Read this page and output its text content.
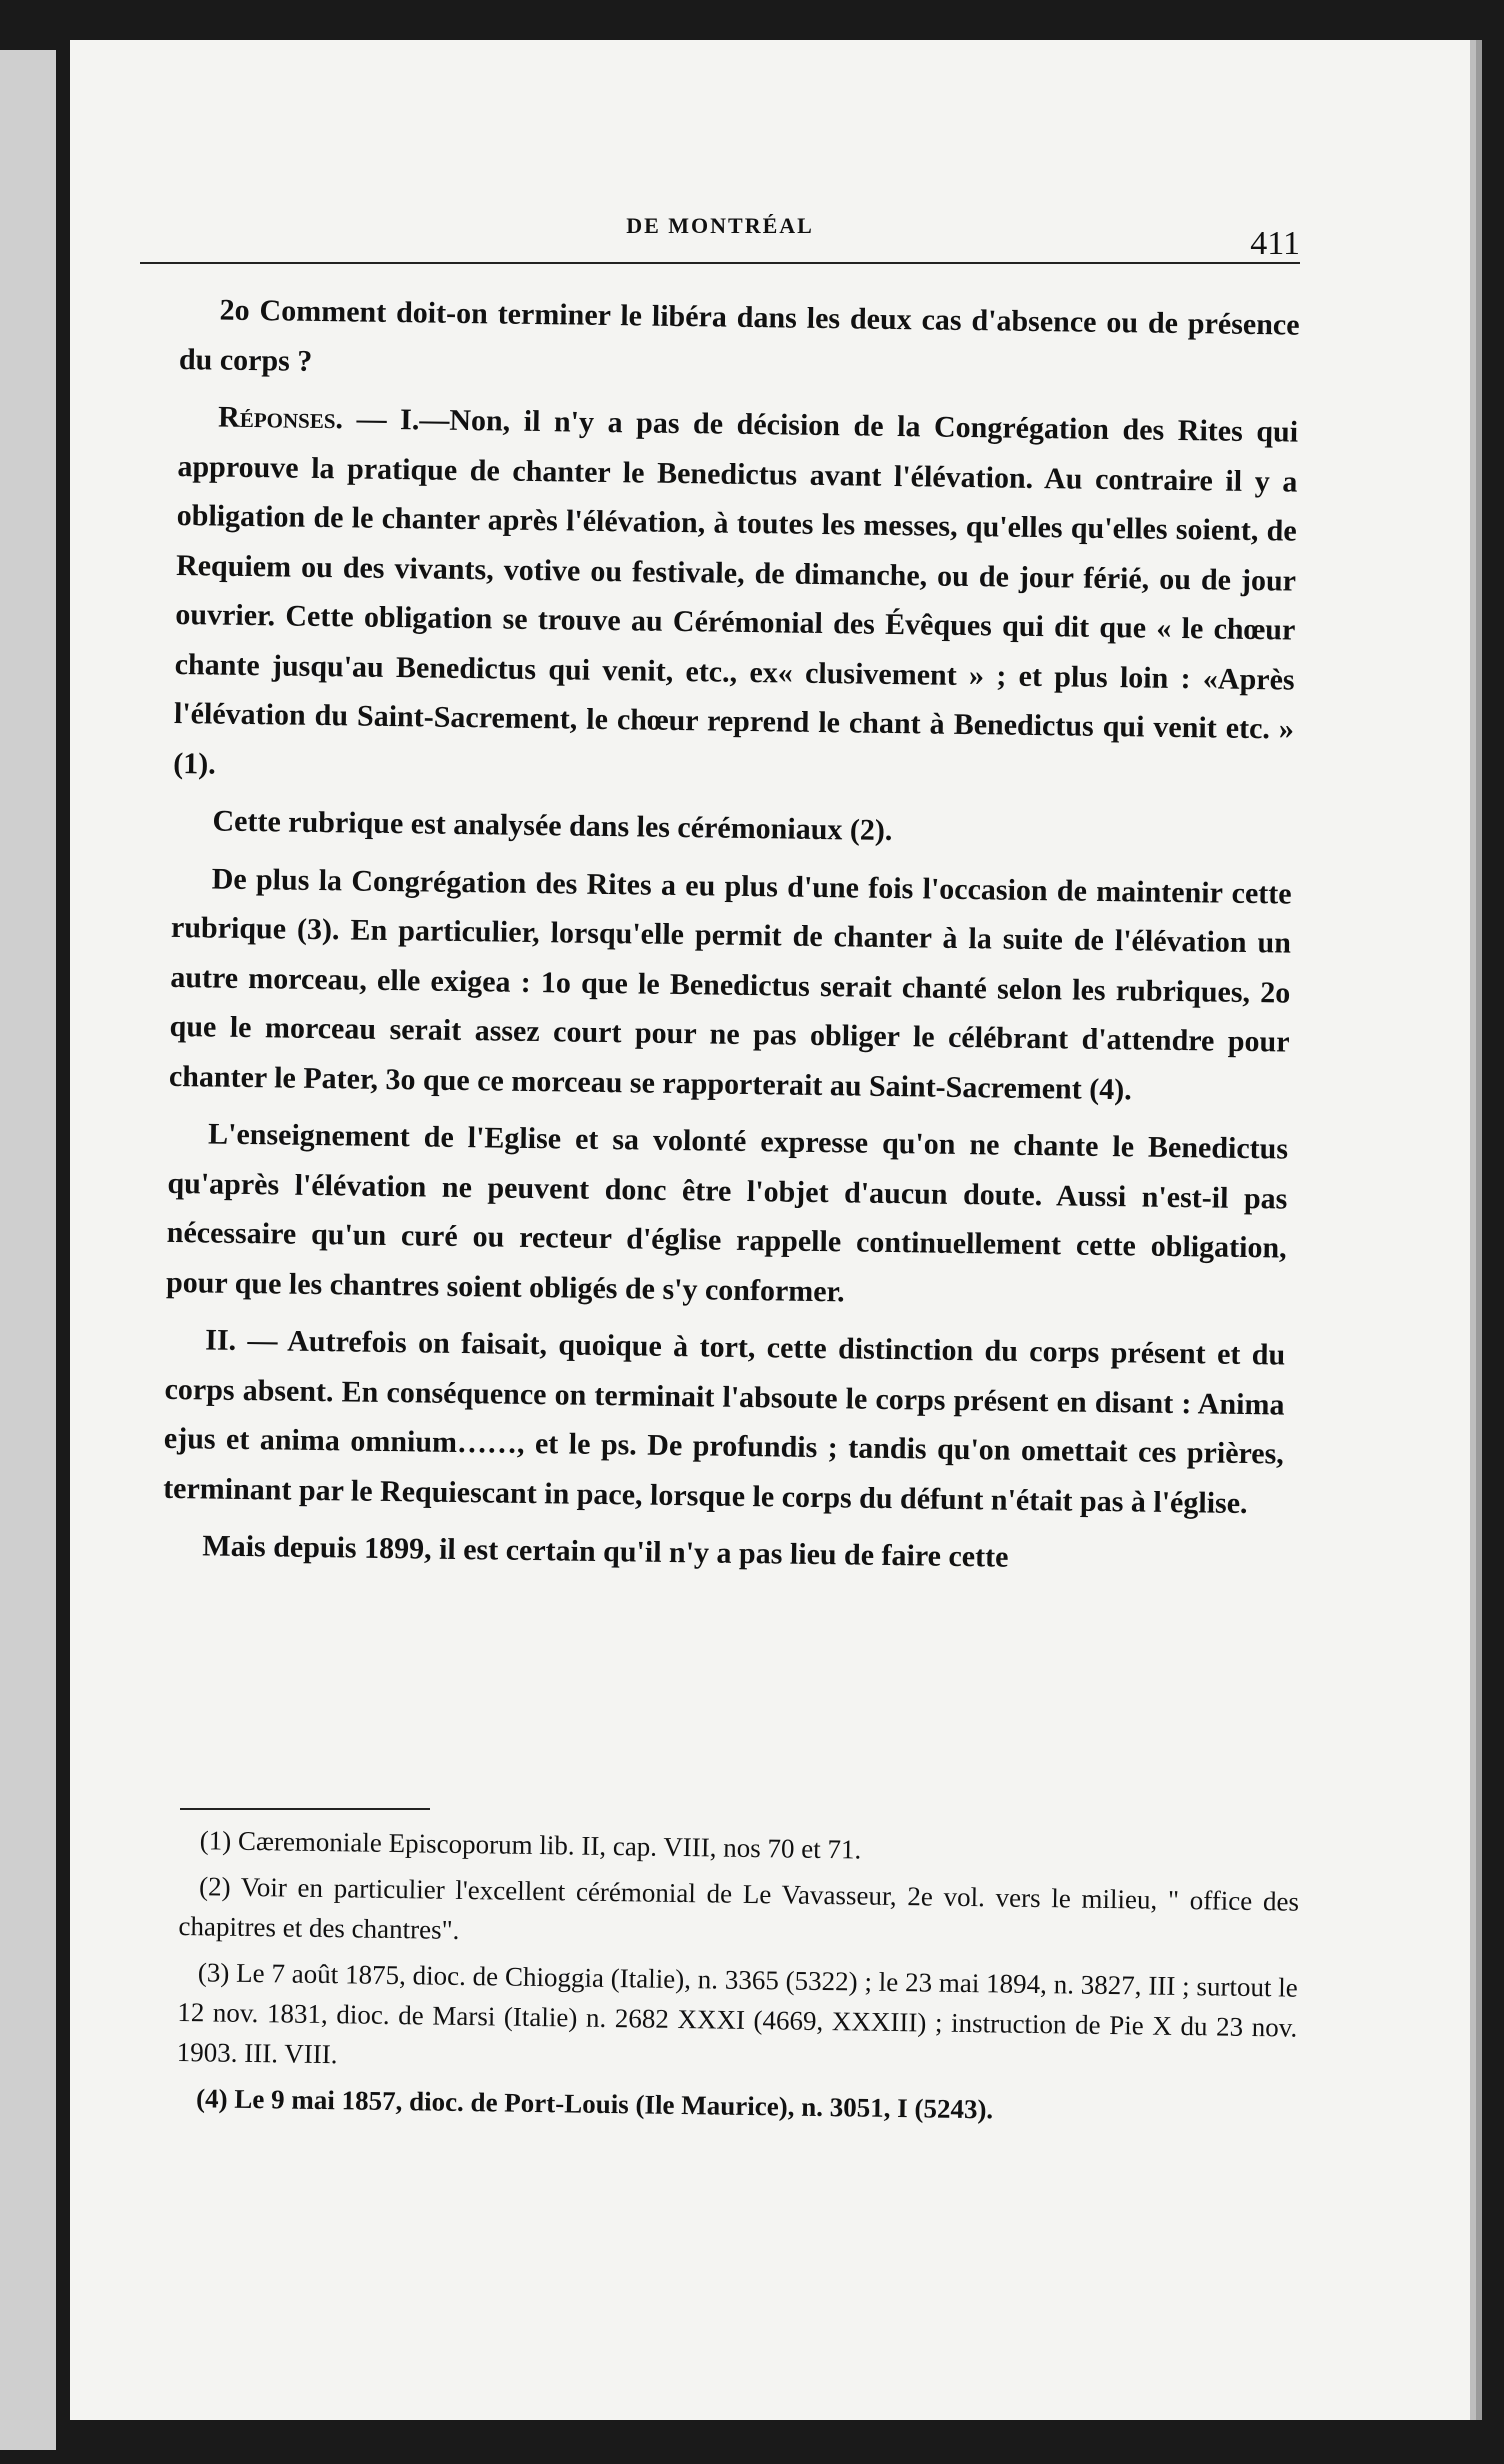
DE MONTRÉAL	411

2o Comment doit-on terminer le libéra dans les deux cas d'absence ou de présence du corps ?

Réponses. — I.—Non, il n'y a pas de décision de la Congrégation des Rites qui approuve la pratique de chanter le Benedictus avant l'élévation. Au contraire il y a obligation de le chanter après l'élévation, à toutes les messes, qu'elles qu'elles soient, de Requiem ou des vivants, votive ou festivale, de dimanche, ou de jour férié, ou de jour ouvrier. Cette obligation se trouve au Cérémonial des Évêques qui dit que « le chœur chante jusqu'au Benedictus qui venit, etc., ex« clusivement » ; et plus loin : «Après l'élévation du Saint-Sacrement, le chœur reprend le chant à Benedictus qui venit etc. » (1).

Cette rubrique est analysée dans les cérémoniaux (2).

De plus la Congrégation des Rites a eu plus d'une fois l'occasion de maintenir cette rubrique (3). En particulier, lorsqu'elle permit de chanter à la suite de l'élévation un autre morceau, elle exigea : 1o que le Benedictus serait chanté selon les rubriques, 2o que le morceau serait assez court pour ne pas obliger le célébrant d'attendre pour chanter le Pater, 3o que ce morceau se rapporterait au Saint-Sacrement (4).

L'enseignement de l'Eglise et sa volonté expresse qu'on ne chante le Benedictus qu'après l'élévation ne peuvent donc être l'objet d'aucun doute. Aussi n'est-il pas nécessaire qu'un curé ou recteur d'église rappelle continuellement cette obligation, pour que les chantres soient obligés de s'y conformer.

II. — Autrefois on faisait, quoique à tort, cette distinction du corps présent et du corps absent. En conséquence on terminait l'absoute le corps présent en disant : Anima ejus et anima omnium……, et le ps. De profundis ; tandis qu'on omettait ces prières, terminant par le Requiescant in pace, lorsque le corps du défunt n'était pas à l'église.

Mais depuis 1899, il est certain qu'il n'y a pas lieu de faire cette

(1) Cæremoniale Episcoporum lib. II, cap. VIII, nos 70 et 71.

(2) Voir en particulier l'excellent cérémonial de Le Vavasseur, 2e vol. vers le milieu, " office des chapitres et des chantres".

(3) Le 7 août 1875, dioc. de Chioggia (Italie), n. 3365 (5322) ; le 23 mai 1894, n. 3827, III ; surtout le 12 nov. 1831, dioc. de Marsi (Italie) n. 2682 XXXI (4669, XXXIII) ; instruction de Pie X du 23 nov. 1903. III. VIII.

(4) Le 9 mai 1857, dioc. de Port-Louis (Ile Maurice), n. 3051, I (5243).
